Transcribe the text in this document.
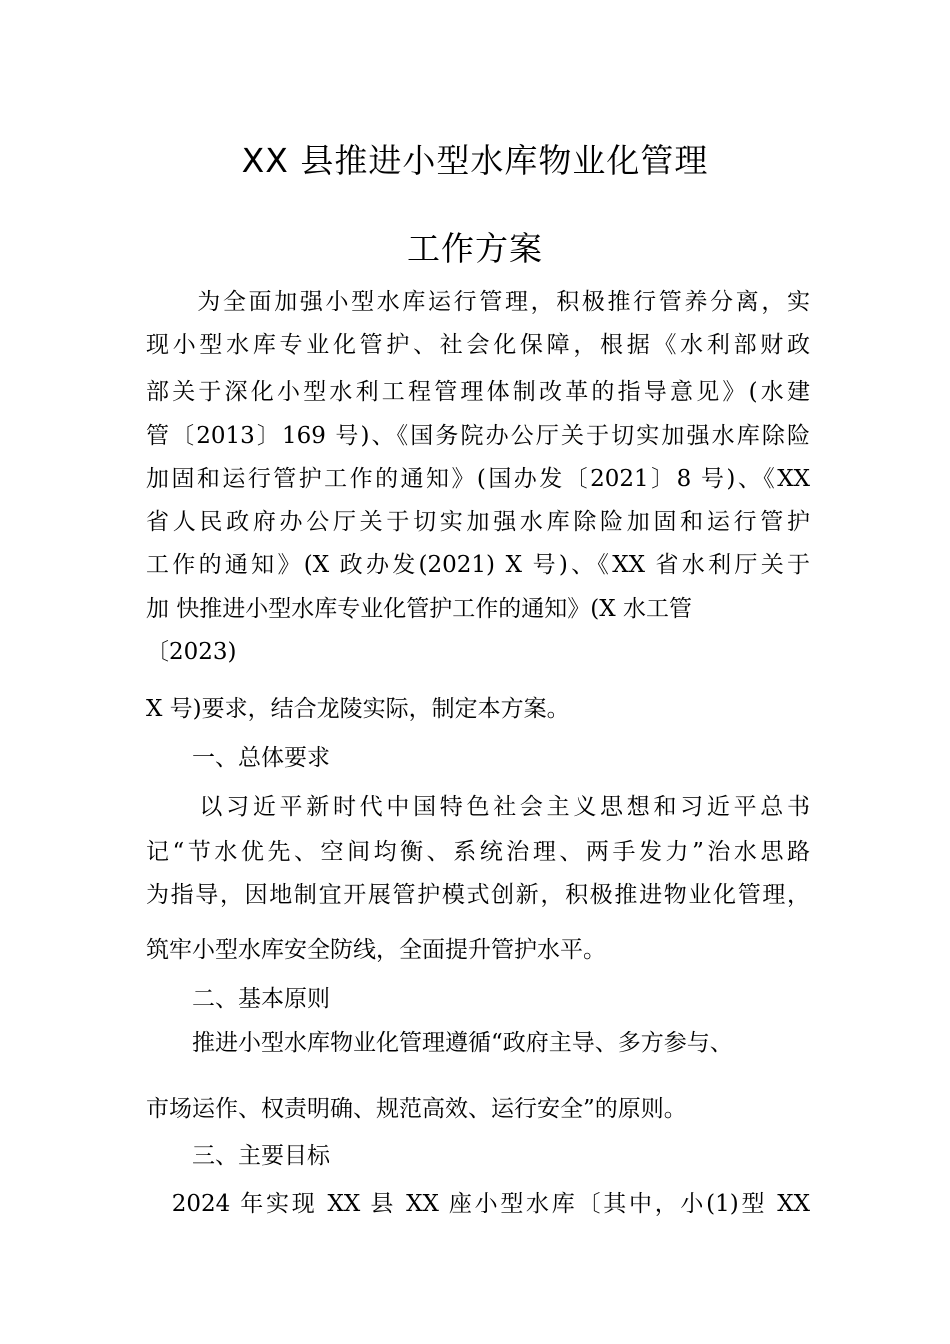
XX 县推进小型水库物业化管理
工作方案

　　为全面加强小型水库运行管理，积极推行管养分离，实

现小型水库专业化管护、社会化保障，根据《水利部财政

部关于深化小型水利工程管理体制改革的指导意见》(水建

管〔2013〕169 号)、《国务院办公厅关于切实加强水库除险

加固和运行管护工作的通知》(国办发〔2021〕8 号)、《XX

省人民政府办公厅关于切实加强水库除险加固和运行管护

工作的通知》(X 政办发(2021) X 号)、《XX 省水利厅关于

加 快推进小型水库专业化管护工作的通知》(X 水工管

〔2023)

X 号)要求，结合龙陵实际，制定本方案。

　　一、总体要求

　　以习近平新时代中国特色社会主义思想和习近平总书

记“节水优先、空间均衡、系统治理、两手发力”治水思路

为指导，因地制宜开展管护模式创新，积极推进物业化管理，

筑牢小型水库安全防线，全面提升管护水平。

　　二、基本原则

　　推进小型水库物业化管理遵循“政府主导、多方参与、

市场运作、权责明确、规范高效、运行安全”的原则。

　　三、主要目标

　2024 年实现 XX 县 XX 座小型水库〔其中，小(1)型 XX
